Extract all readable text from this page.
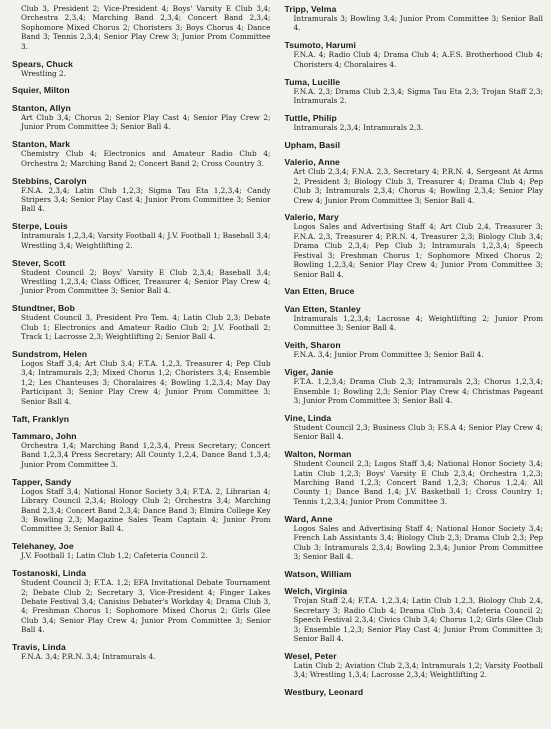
Club 3, President 2; Vice-President 4; Boys' Varsity E Club 3,4; Orchestra 2,3,4; Marching Band 2,3,4; Concert Band 2,3,4; Sophomore Mixed Chorus 2; Choristers 3; Boys Chorus 4; Dance Band 3; Tennis 2,3,4; Senior Play Crew 3; Junior Prom Committee 3.
Spears, Chuck
Wrestling 2.
Squier, Milton
Stanton, Allyn
Art Club 3,4; Chorus 2; Senior Play Cast 4; Senior Play Crew 2; Junior Prom Committee 3; Senior Ball 4.
Stanton, Mark
Chemistry Club 4; Electronics and Amateur Radio Club 4; Orchestra 2; Marching Band 2; Concert Band 2; Cross Country 3.
Stebbins, Carolyn
F.N.A. 2,3,4; Latin Club 1,2,3; Sigma Tau Eta 1,2,3,4; Candy Stripers 3,4; Senior Play Cast 4; Junior Prom Committee 3; Senior Ball 4.
Sterpe, Louis
Intramurals 1,2,3,4; Varsity Football 4; J.V. Football 1; Baseball 3,4; Wrestling 3,4; Weightlifting 2.
Stever, Scott
Student Council 2; Boys' Varsity E Club 2,3,4; Baseball 3,4; Wrestling 1,2,3,4; Class Officer, Treasurer 4; Senior Play Crew 4; Junior Prom Committee 3; Senior Ball 4.
Stundtner, Bob
Student Council 3, President Pro Tem. 4; Latin Club 2,3; Debate Club 1; Electronics and Amateur Radio Club 2; J.V. Football 2; Track 1; Lacrosse 2,3; Weightlifting 2; Senior Ball 4.
Sundstrom, Helen
Logos Staff 3,4; Art Club 3,4; F.T.A. 1,2,3, Treasurer 4; Pep Club 3,4; Intramurals 2,3; Mixed Chorus 1,2; Choristers 3,4; Ensemble 1,2; Les Chanteuses 3; Choralaires 4; Bowling 1,2,3,4; May Day Participant 3; Senior Play Crew 4; Junior Prom Committee 3; Senior Ball 4.
Taft, Franklyn
Tammaro, John
Orchestra 1,4; Marching Band 1,2,3,4, Press Secretary; Concert Band 1,2,3,4 Press Secretary; All County 1,2,4, Dance Band 1,3,4; Junior Prom Committee 3.
Tapper, Sandy
Logos Staff 3,4; National Honor Society 3,4; F.T.A. 2, Librarian 4; Library Council 2,3,4; Biology Club 2; Orchestra 3,4; Marching Band 2,3,4; Concert Band 2,3,4; Dance Band 3; Elmira College Key 3; Bowling 2,3; Magazine Sales Team Captain 4; Junior Prom Committee 3; Senior Ball 4.
Telehaney, Joe
J.V. Football 1; Latin Club 1,2; Cafeteria Council 2.
Tostanoski, Linda
Student Council 3; F.T.A. 1,2; EFA Invitational Debate Tournament 2; Debate Club 2; Secretary 3, Vice-President 4; Finger Lakes Debate Festival 3,4; Canisius Debater's Workday 4; Drama Club 3, 4; Freshman Chorus 1; Sophomore Mixed Chorus 2; Girls Glee Club 3,4; Senior Play Crew 4; Junior Prom Committee 3; Senior Ball 4.
Travis, Linda
F.N.A. 3,4; P.R.N. 3,4; Intramurals 4.
Tripp, Velma
Intramurals 3; Bowling 3,4; Junior Prom Committee 3; Senior Ball 4.
Tsumoto, Harumi
F.N.A. 4; Radio Club 4; Drama Club 4; A.F.S. Brotherhood Club 4; Choristers 4; Choralaires 4.
Tuma, Lucille
F.N.A. 2,3; Drama Club 2,3,4; Sigma Tau Eta 2,3; Trojan Staff 2,3; Intramurals 2.
Tuttle, Philip
Intramurals 2,3,4; Intramurals 2,3.
Upham, Basil
Valerio, Anne
Art Club 2,3,4; F.N.A. 2,3, Secretary 4; P.R.N. 4, Sergeant At Arms 2, President 3; Biology Club 3, Treasurer 4; Drama Club 4; Pep Club 3; Intramurals 2,3,4; Chorus 4; Bowling 2,3,4; Senior Play Crew 4; Junior Prom Committee 3; Senior Ball 4.
Valerio, Mary
Logos Sales and Advertising Staff 4; Art Club 2,4, Treasurer 3; F.N.A. 2,3, Treasurer 4; P.R.N. 4, Treasurer 2,3; Biology Club 3,4; Drama Club 2,3,4; Pep Club 3; Intramurals 1,2,3,4; Speech Festival 3; Freshman Chorus 1; Sophomore Mixed Chorus 2; Bowling 1,2,3,4; Senior Play Crew 4; Junior Prom Committee 3; Senior Ball 4.
Van Etten, Bruce
Van Etten, Stanley
Intramurals 1,2,3,4; Lacrosse 4; Weightlifting 2; Junior Prom Committee 3; Senior Ball 4.
Veith, Sharon
F.N.A. 3,4; Junior Prom Committee 3; Senior Ball 4.
Viger, Janie
F.T.A. 1,2,3,4; Drama Club 2,3; Intramurals 2,3; Chorus 1,2,3,4; Ensemble 1; Bowling 2,3; Senior Play Crew 4; Christmas Pageant 3; Junior Prom Committee 3; Senior Ball 4.
Vine, Linda
Student Council 2,3; Business Club 3; F.S.A 4; Senior Play Crew 4; Senior Ball 4.
Walton, Norman
Student Council 2,3; Logos Staff 3,4; National Honor Society 3,4; Latin Club 1,2,3; Boys' Varsity E Club 2,3,4; Orchestra 1,2,3; Marching Band 1,2,3; Concert Band 1,2,3; Chorus 1,2,4; All County 1; Dance Band 1,4; J.V. Basketball 1; Cross Country 1; Tennis 1,2,3,4; Junior Prom Committee 3.
Ward, Anne
Logos Sales and Advertising Staff 4; National Honor Society 3,4; French Lab Assistants 3,4; Biology Club 2,3; Drama Club 2,3; Pep Club 3; Intramurals 2,3,4; Bowling 2,3,4; Junior Prom Committee 3; Senior Ball 4.
Watson, William
Welch, Virginia
Trojan Staff 2,4; F.T.A. 1,2,3,4; Latin Club 1,2,3, Biology Club 2,4, Secretary 3; Radio Club 4; Drama Club 3,4; Cafeteria Council 2; Speech Festival 2,3,4; Civics Club 3,4; Chorus 1,2; Girls Glee Club 3; Ensemble 1,2,3; Senior Play Cast 4; Junior Prom Committee 3; Senior Ball 4.
Wesel, Peter
Latin Club 2; Aviation Club 2,3,4; Intramurals 1,2; Varsity Football 3,4; Wrestling 1,3,4; Lacrosse 2,3,4; Weightlifting 2.
Westbury, Leonard
